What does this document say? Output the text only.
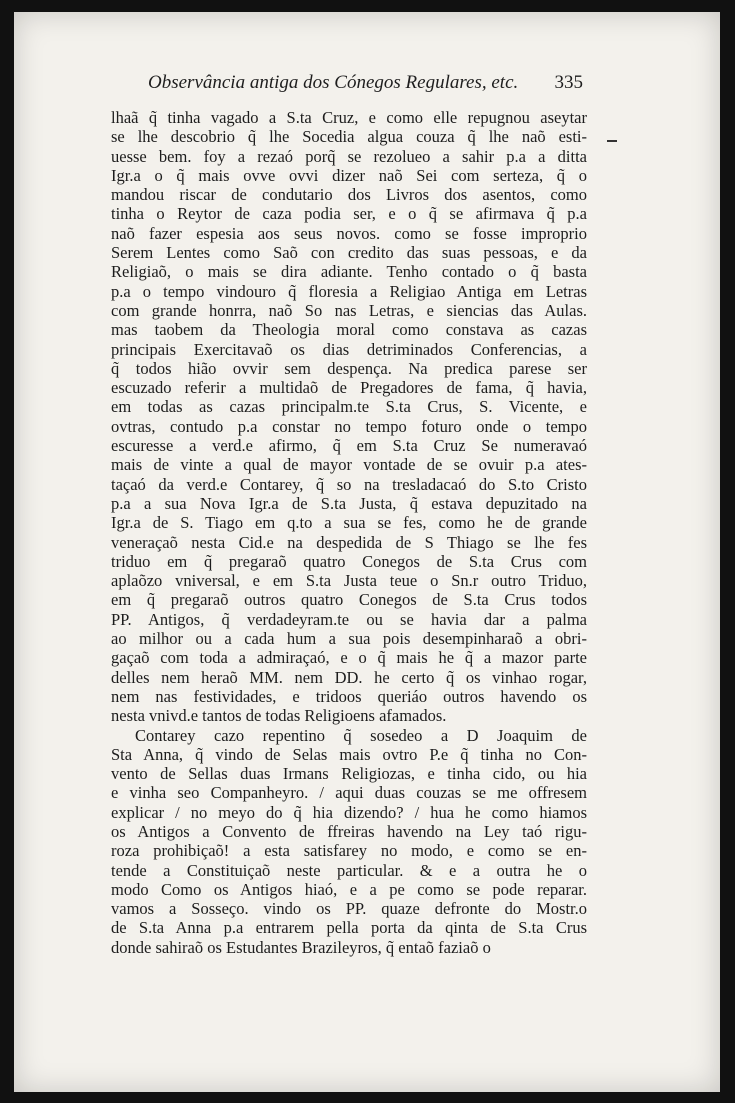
Observância antiga dos Cónegos Regulares, etc. 335
lhaã q̃ tinha vagado a S.ta Cruz, e como elle repugnou aseytar
se lhe descobrio q̃ lhe Socedia algua couza q̃ lhe naõ esti-
uesse bem. foy a rezaó porq̃ se rezolueo a sahir p.a a ditta
Igr.a o q̃ mais ovve ovvi dizer naõ Sei com serteza, q̃ o
mandou riscar de condutario dos Livros dos asentos, como
tinha o Reytor de caza podia ser, e o q̃ se afirmava q̃ p.a
naõ fazer espesia aos seus novos. como se fosse improprio
Serem Lentes como Saõ con credito das suas pessoas, e da
Religiaõ, o mais se dira adiante. Tenho contado o q̃ basta
p.a o tempo vindouro q̃ floresia a Religiao Antiga em Letras
com grande honrra, naõ So nas Letras, e siencias das Aulas.
mas taobem da Theologia moral como constava as cazas
principais Exercitavaõ os dias detriminados Conferencias, a
q̃ todos hião ovvir sem despença. Na predica parese ser
escuzado referir a multidaõ de Pregadores de fama, q̃ havia,
em todas as cazas principalm.te S.ta Crus, S. Vicente, e
ovtras, contudo p.a constar no tempo foturo onde o tempo
escuresse a verd.e afirmo, q̃ em S.ta Cruz Se numeravaó
mais de vinte a qual de mayor vontade de se ovuir p.a ates-
taçaó da verd.e Contarey, q̃ so na tresladacaó do S.to Cristo
p.a a sua Nova Igr.a de S.ta Justa, q̃ estava depuzitado na
Igr.a de S. Tiago em q.to a sua se fes, como he de grande
veneraçaõ nesta Cid.e na despedida de S Thiago se lhe fes
triduo em q̃ pregaraõ quatro Conegos de S.ta Crus com
aplaõzo vniversal, e em S.ta Justa teue o Sn.r outro Triduo,
em q̃ pregaraõ outros quatro Conegos de S.ta Crus todos
PP. Antigos, q̃ verdadeyram.te ou se havia dar a palma
ao milhor ou a cada hum a sua pois desempinharaõ a obri-
gaçaõ com toda a admiraçaó, e o q̃ mais he q̃ a mazor parte
delles nem heraõ MM. nem DD. he certo q̃ os vinhao rogar,
nem nas festividades, e tridoos queriáo outros havendo os
nesta vnivd.e tantos de todas Religioens afamados.
Contarey cazo repentino q̃ sosedeo a D Joaquim de
Sta Anna, q̃ vindo de Selas mais ovtro P.e q̃ tinha no Con-
vento de Sellas duas Irmans Religiozas, e tinha cido, ou hia
e vinha seo Companheyro. / aqui duas couzas se me offresem
explicar / no meyo do q̃ hia dizendo? / hua he como hiamos
os Antigos a Convento de ffreiras havendo na Ley taó rigu-
roza prohibiçaõ! a esta satisfarey no modo, e como se en-
tende a Constituiçaõ neste particular. & e a outra he o
modo Como os Antigos hiaó, e a pe como se pode reparar.
vamos a Sosseço. vindo os PP. quaze defronte do Mostr.o
de S.ta Anna p.a entrarem pella porta da qinta de S.ta Crus
donde sahiraõ os Estudantes Brazileyros, q̃ entaõ faziaõ o
